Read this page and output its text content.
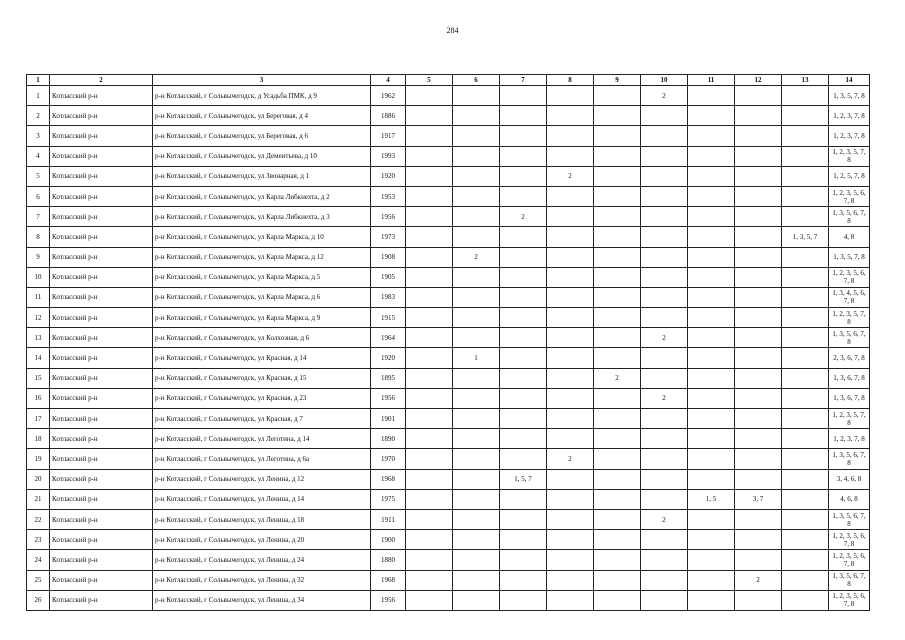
284
1	2	3	4	5	6	7	8	9	10	11	12	13	14
1	Котласский р-н	р-н Котласский, г Сольвычегодск, д Усадьба ПМК, д 9	1962						2				1, 3, 5, 7, 8
2	Котласский р-н	р-н Котласский, г Сольвычегодск, ул Береговая, д 4	1886										1, 2, 3, 7, 8
3	Котласский р-н	р-н Котласский, г Сольвычегодск, ул Береговая, д 6	1917										1, 2, 3, 7, 8
4	Котласский р-н	р-н Котласский, г Сольвычегодск, ул Дементьева, д 10	1993										1, 2, 3, 5, 7, 8
5	Котласский р-н	р-н Котласский, г Сольвычегодск, ул Звонарная, д 1	1920				2						1, 2, 5, 7, 8
6	Котласский р-н	р-н Котласский, г Сольвычегодск, ул Карла Либкнехта, д 2	1953										1, 2, 3, 5, 6, 7, 8
7	Котласский р-н	р-н Котласский, г Сольвычегодск, ул Карла Либкнехта, д 3	1956			2							1, 3, 5, 6, 7, 8
8	Котласский р-н	р-н Котласский, г Сольвычегодск, ул Карла Маркса, д 10	1973									1, 3, 5, 7	4, 8
9	Котласский р-н	р-н Котласский, г Сольвычегодск, ул Карла Маркса, д 12	1908		2								1, 3, 5, 7, 8
10	Котласский р-н	р-н Котласский, г Сольвычегодск, ул Карла Маркса, д 5	1905										1, 2, 3, 5, 6, 7, 8
11	Котласский р-н	р-н Котласский, г Сольвычегодск, ул Карла Маркса, д 6	1983										1, 3, 4, 5, 6, 7, 8
12	Котласский р-н	р-н Котласский, г Сольвычегодск, ул Карла Маркса, д 9	1915										1, 2, 3, 5, 7, 8
13	Котласский р-н	р-н Котласский, г Сольвычегодск, ул Колхозная, д 6	1964						2				1, 3, 5, 6, 7, 8
14	Котласский р-н	р-н Котласский, г Сольвычегодск, ул Красная, д 14	1920		1								2, 3, 6, 7, 8
15	Котласский р-н	р-н Котласский, г Сольвычегодск, ул Красная, д 15	1895					2					1, 3, 6, 7, 8
16	Котласский р-н	р-н Котласский, г Сольвычегодск, ул Красная, д 23	1956						2				1, 3, 6, 7, 8
17	Котласский р-н	р-н Котласский, г Сольвычегодск, ул Красная, д 7	1901										1, 2, 3, 5, 7, 8
18	Котласский р-н	р-н Котласский, г Сольвычегодск, ул Леготина, д 14	1890										1, 2, 3, 7, 8
19	Котласский р-н	р-н Котласский, г Сольвычегодск, ул Леготина, д 6а	1970				2						1, 3, 5, 6, 7, 8
20	Котласский р-н	р-н Котласский, г Сольвычегодск, ул Ленина, д 12	1968			1, 5, 7							3, 4, 6, 8
21	Котласский р-н	р-н Котласский, г Сольвычегодск, ул Ленина, д 14	1975							1, 5	3, 7		4, 6, 8
22	Котласский р-н	р-н Котласский, г Сольвычегодск, ул Ленина, д 18	1911						2				1, 3, 5, 6, 7, 8
23	Котласский р-н	р-н Котласский, г Сольвычегодск, ул Ленина, д 20	1900										1, 2, 3, 5, 6, 7, 8
24	Котласский р-н	р-н Котласский, г Сольвычегодск, ул Ленина, д 24	1880										1, 2, 3, 5, 6, 7, 8
25	Котласский р-н	р-н Котласский, г Сольвычегодск, ул Ленина, д 32	1968								2		1, 3, 5, 6, 7, 8
26	Котласский р-н	р-н Котласский, г Сольвычегодск, ул Ленина, д 34	1956										1, 2, 3, 5, 6, 7, 8
